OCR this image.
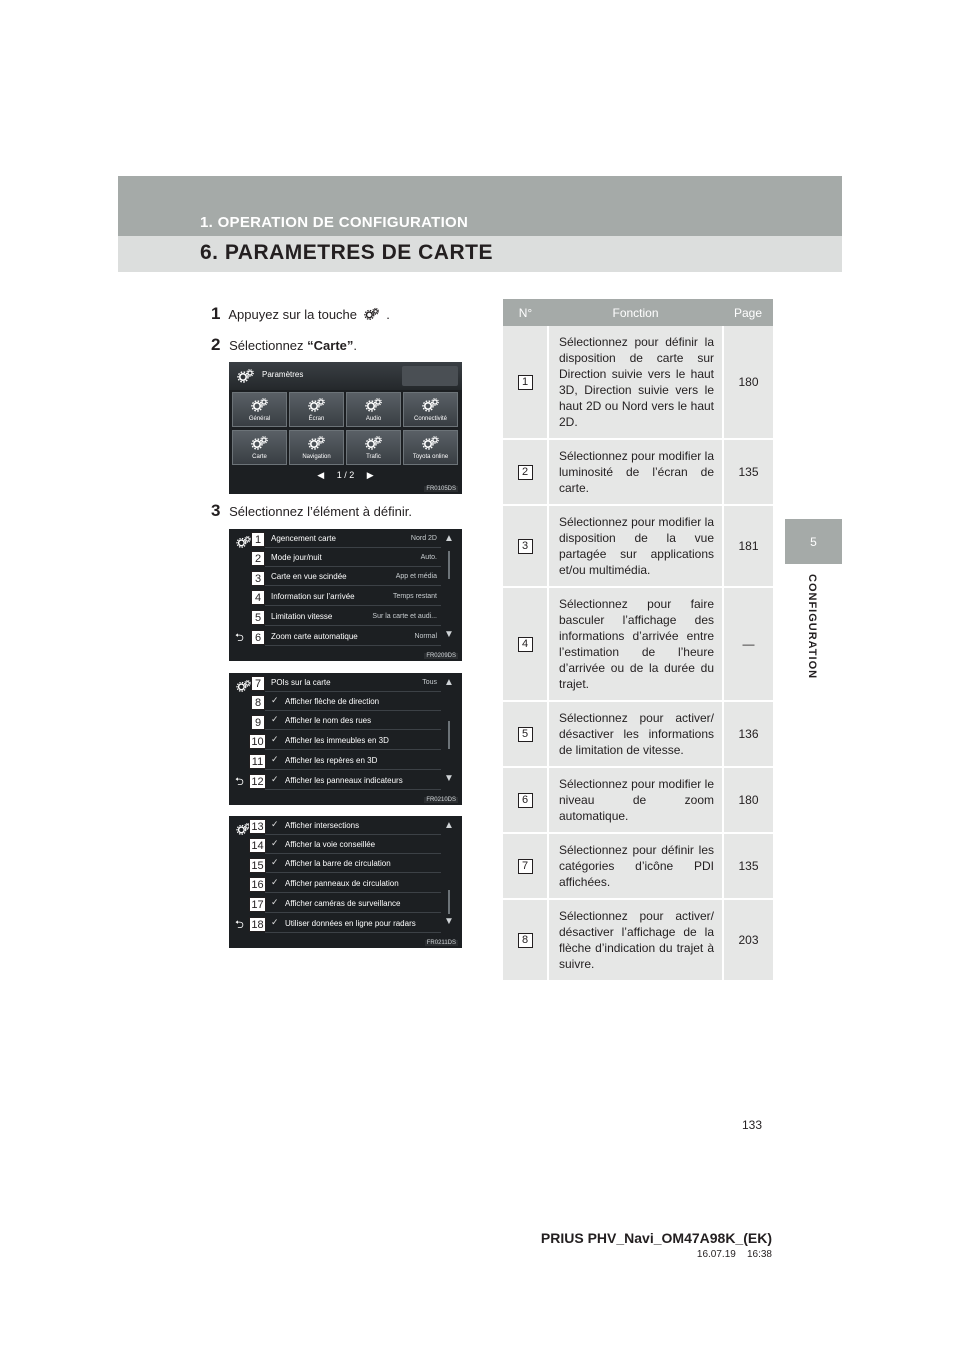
1. OPERATION DE CONFIGURATION
6. PARAMETRES DE CARTE
5
CONFIGURATION
1 Appuyez sur la touche .
2 Sélectionnez “Carte”.
3 Sélectionnez l’élément à définir.
Paramètres
Général	Écran	Audio	Connectivité
Carte	Navigation	Trafic	Toyota online
◀ 1 / 2 ▶
FR0105DS
⮌
Agencement carte	Nord 2D
Mode jour/nuit	Auto.
Carte en vue scindée	App et média
Information sur l’arrivée	Temps restant
Limitation vitesse	Sur la carte et audi...
Zoom carte automatique	Normal
1
2
3
4
5
6
▲
▼
FR0209DS
⮌
POIs sur la carte	Tous
✓ Afficher flèche de direction
✓ Afficher le nom des rues
✓ Afficher les immeubles en 3D
✓ Afficher les repères en 3D
✓ Afficher les panneaux indicateurs
7
8
9
10
11
12
▲
▼
FR0210DS
⮌
✓ Afficher intersections
✓ Afficher la voie conseillée
✓ Afficher la barre de circulation
✓ Afficher panneaux de circulation
✓ Afficher caméras de surveillance
✓ Utiliser données en ligne pour radars
13
14
15
16
17
18
▲
▼
FR0211DS
N°	Fonction	Page
1	Sélectionnez pour définir la disposition de carte sur Direction suivie vers le haut 3D, Direction suivie vers le haut 2D ou Nord vers le haut 2D.	180
2	Sélectionnez pour modifier la luminosité de l’écran de carte.	135
3	Sélectionnez pour modifier la disposition de la vue partagée sur applications et/ou multimédia.	181
4	Sélectionnez pour faire basculer l’affichage des informations d’arrivée entre l’estimation de l’heure d’arrivée ou de la durée du trajet.	—
5	Sélectionnez pour activer/ désactiver les informations de limitation de vitesse.	136
6	Sélectionnez pour modifier le niveau de zoom automatique.	180
7	Sélectionnez pour définir les catégories d’icône PDI affichées.	135
8	Sélectionnez pour activer/ désactiver l’affichage de la flèche d’indication du trajet à suivre.	203
133
PRIUS PHV_Navi_OM47A98K_(EK)
16.07.19 16:38
